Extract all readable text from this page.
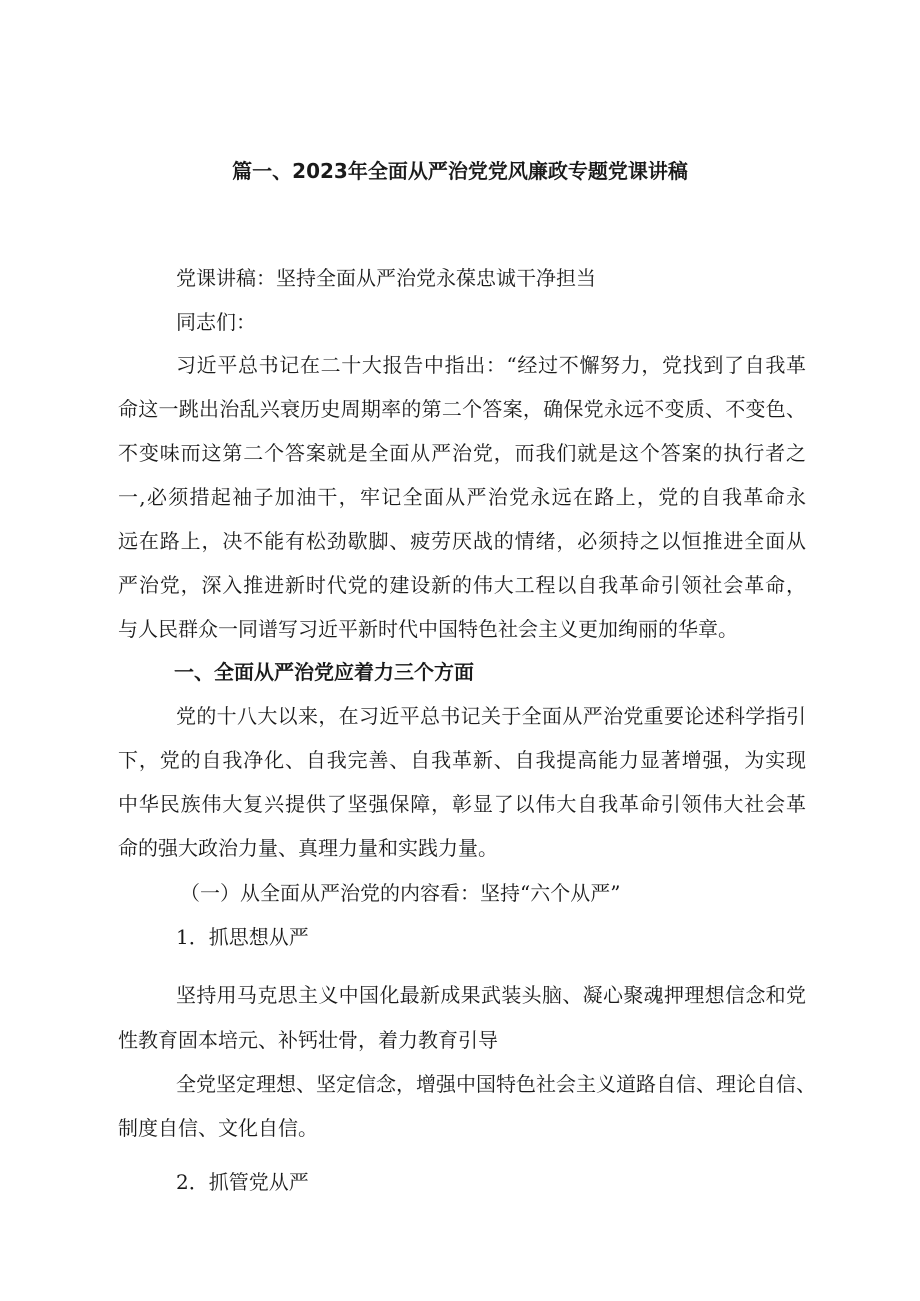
篇一、2023年全面从严治党党风廉政专题党课讲稿
党课讲稿：坚持全面从严治党永葆忠诚干净担当
同志们：
习近平总书记在二十大报告中指出：“经过不懈努力，党找到了自我革
命这一跳出治乱兴衰历史周期率的第二个答案，确保党永远不变质、不变色、
不变味而这第二个答案就是全面从严治党，而我们就是这个答案的执行者之
一,必须措起袖子加油干，牢记全面从严治党永远在路上，党的自我革命永
远在路上，决不能有松劲歇脚、疲劳厌战的情绪，必须持之以恒推进全面从
严治党，深入推进新时代党的建设新的伟大工程以自我革命引领社会革命，
与人民群众一同谱写习近平新时代中国特色社会主义更加绚丽的华章。
一、全面从严治党应着力三个方面
党的十八大以来，在习近平总书记关于全面从严治党重要论述科学指引
下，党的自我净化、自我完善、自我革新、自我提高能力显著增强，为实现
中华民族伟大复兴提供了坚强保障，彰显了以伟大自我革命引领伟大社会革
命的强大政治力量、真理力量和实践力量。
（一）从全面从严治党的内容看：坚持“六个从严”
1．抓思想从严
坚持用马克思主义中国化最新成果武装头脑、凝心聚魂押理想信念和党
性教育固本培元、补钙壮骨，着力教育引导
全党坚定理想、坚定信念，增强中国特色社会主义道路自信、理论自信、
制度自信、文化自信。
2．抓管党从严
